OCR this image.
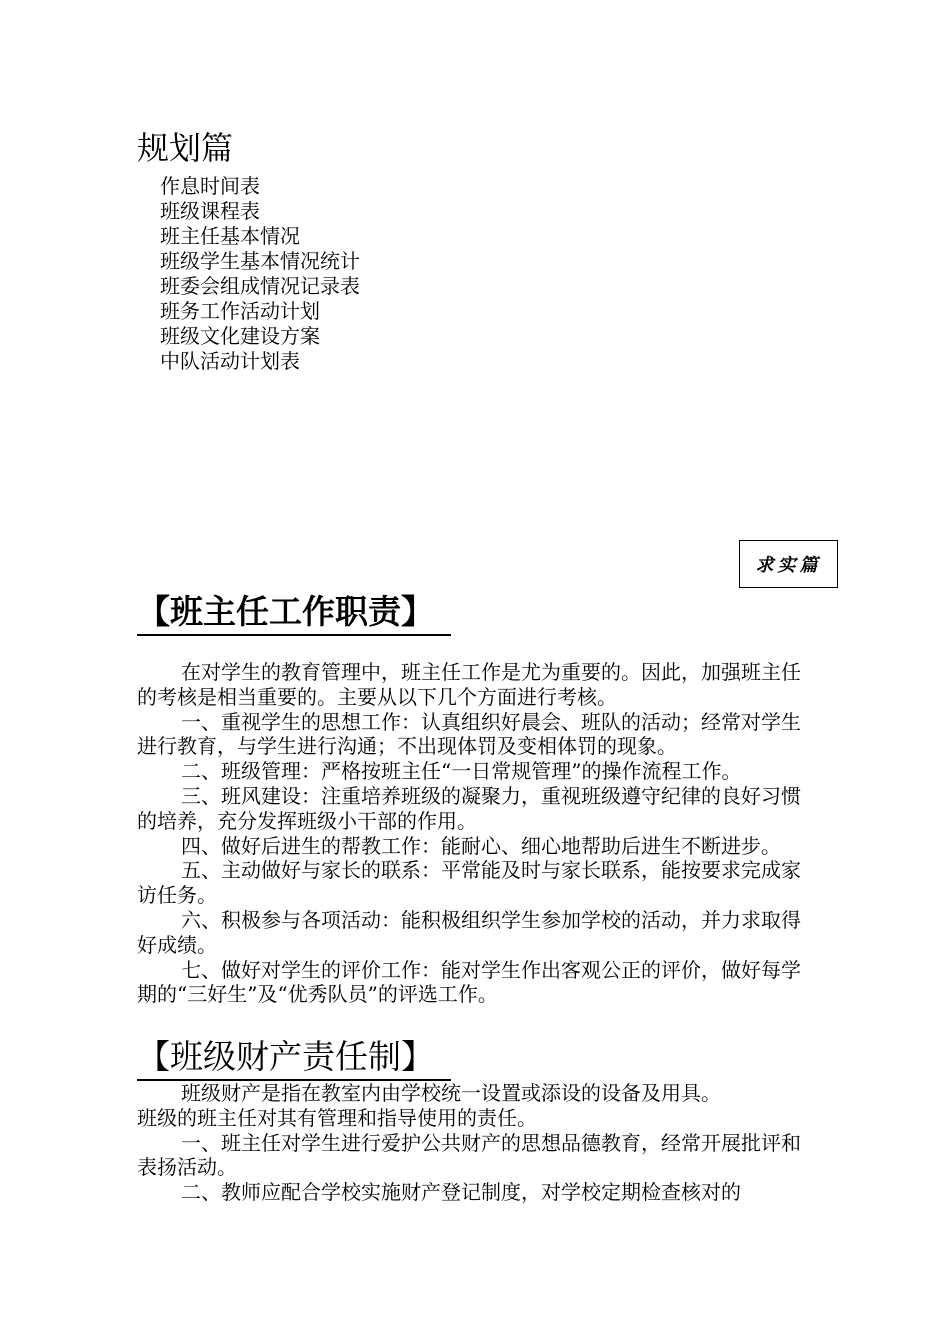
规划篇
作息时间表
班级课程表
班主任基本情况
班级学生基本情况统计
班委会组成情况记录表
班务工作活动计划
班级文化建设方案
中队活动计划表
求实篇
【班主任工作职责】

在对学生的教育管理中，班主任工作是尤为重要的。因此，加强班主任的考核是相当重要的。主要从以下几个方面进行考核。

一、重视学生的思想工作：认真组织好晨会、班队的活动；经常对学生进行教育，与学生进行沟通；不出现体罚及变相体罚的现象。

二、班级管理：严格按班主任“一日常规管理”的操作流程工作。

三、班风建设：注重培养班级的凝聚力，重视班级遵守纪律的良好习惯的培养，充分发挥班级小干部的作用。

四、做好后进生的帮教工作：能耐心、细心地帮助后进生不断进步。

五、主动做好与家长的联系：平常能及时与家长联系，能按要求完成家访任务。

六、积极参与各项活动：能积极组织学生参加学校的活动，并力求取得好成绩。

七、做好对学生的评价工作：能对学生作出客观公正的评价，做好每学期的“三好生”及“优秀队员”的评选工作。

【班级财产责任制】

班级财产是指在教室内由学校统一设置或添设的设备及用具。

班级的班主任对其有管理和指导使用的责任。

一、班主任对学生进行爱护公共财产的思想品德教育，经常开展批评和表扬活动。

二、教师应配合学校实施财产登记制度，对学校定期检查核对的
